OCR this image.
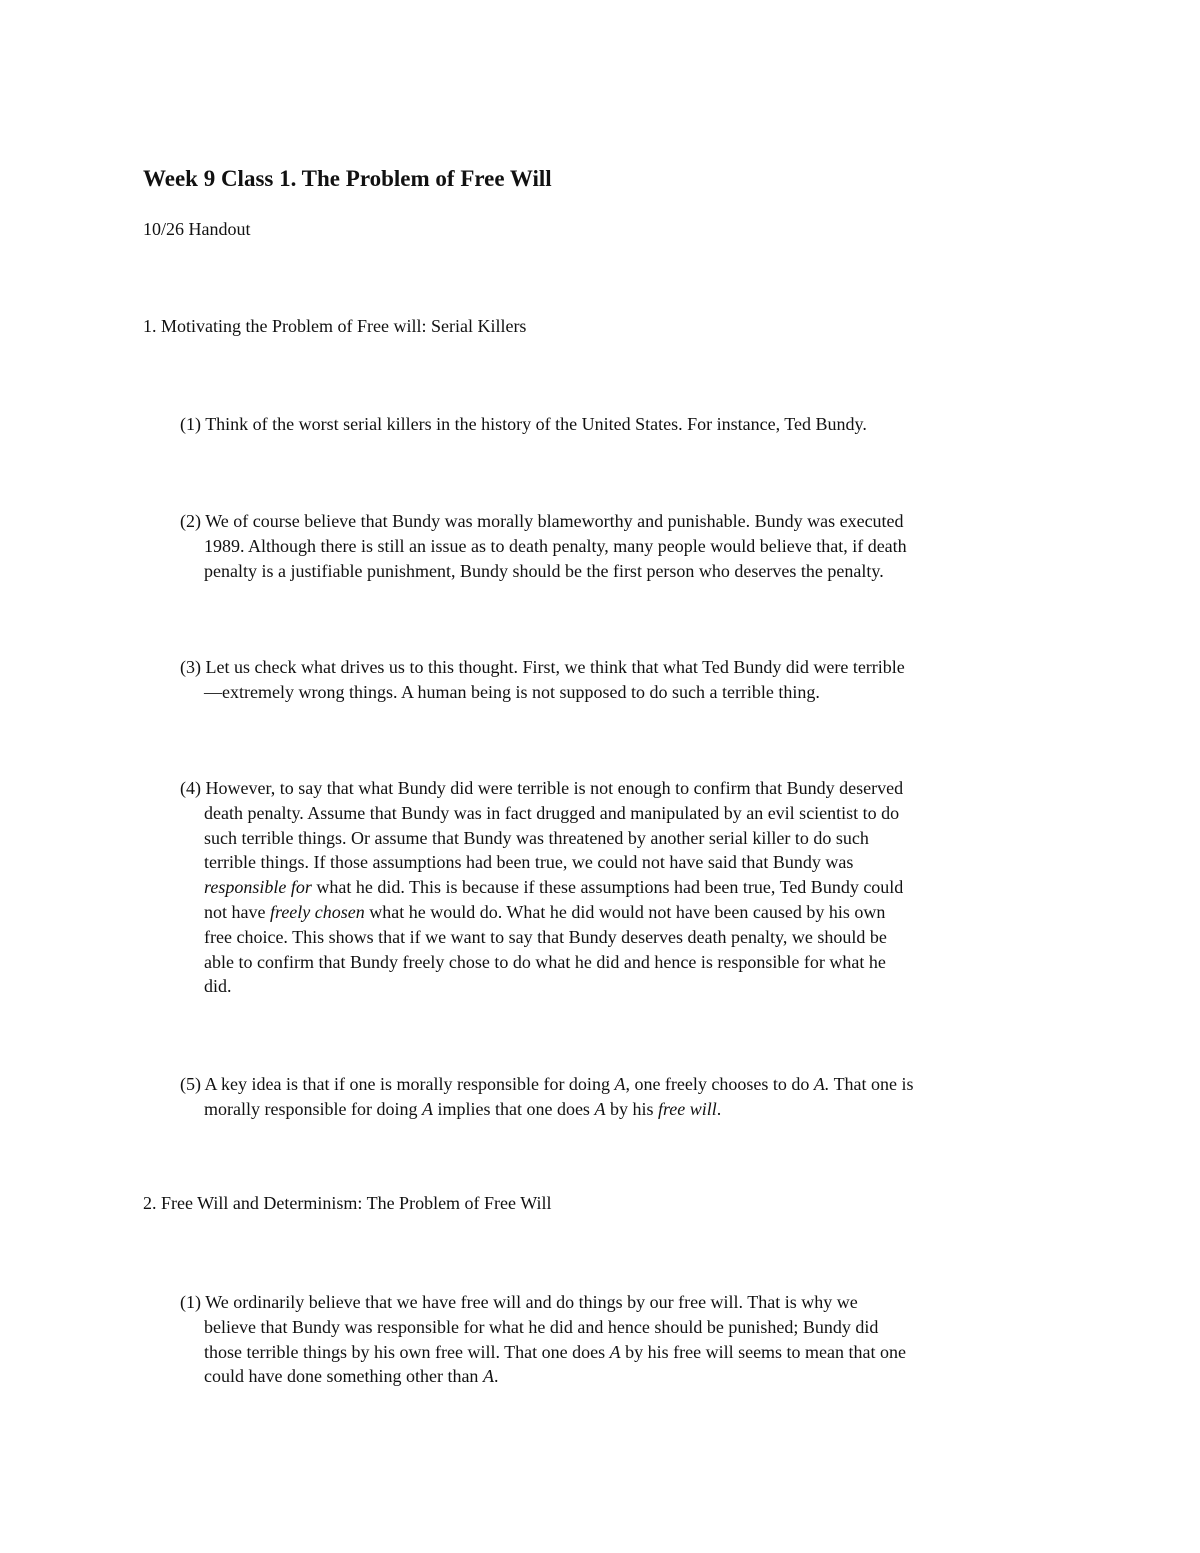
Week 9 Class 1. The Problem of Free Will

10/26 Handout

1. Motivating the Problem of Free will: Serial Killers

(1) Think of the worst serial killers in the history of the United States. For instance, Ted Bundy.
(2) We of course believe that Bundy was morally blameworthy and punishable. Bundy was executed
1989. Although there is still an issue as to death penalty, many people would believe that, if death
penalty is a justifiable punishment, Bundy should be the first person who deserves the penalty.
(3) Let us check what drives us to this thought. First, we think that what Ted Bundy did were terrible
—extremely wrong things. A human being is not supposed to do such a terrible thing.
(4) However, to say that what Bundy did were terrible is not enough to confirm that Bundy deserved
death penalty. Assume that Bundy was in fact drugged and manipulated by an evil scientist to do
such terrible things. Or assume that Bundy was threatened by another serial killer to do such
terrible things. If those assumptions had been true, we could not have said that Bundy was
responsible for what he did. This is because if these assumptions had been true, Ted Bundy could
not have freely chosen what he would do. What he did would not have been caused by his own
free choice. This shows that if we want to say that Bundy deserves death penalty, we should be
able to confirm that Bundy freely chose to do what he did and hence is responsible for what he
did.
(5) A key idea is that if one is morally responsible for doing A, one freely chooses to do A. That one is
morally responsible for doing A implies that one does A by his free will.

2. Free Will and Determinism: The Problem of Free Will

(1) We ordinarily believe that we have free will and do things by our free will. That is why we
believe that Bundy was responsible for what he did and hence should be punished; Bundy did
those terrible things by his own free will. That one does A by his free will seems to mean that one
could have done something other than A.
